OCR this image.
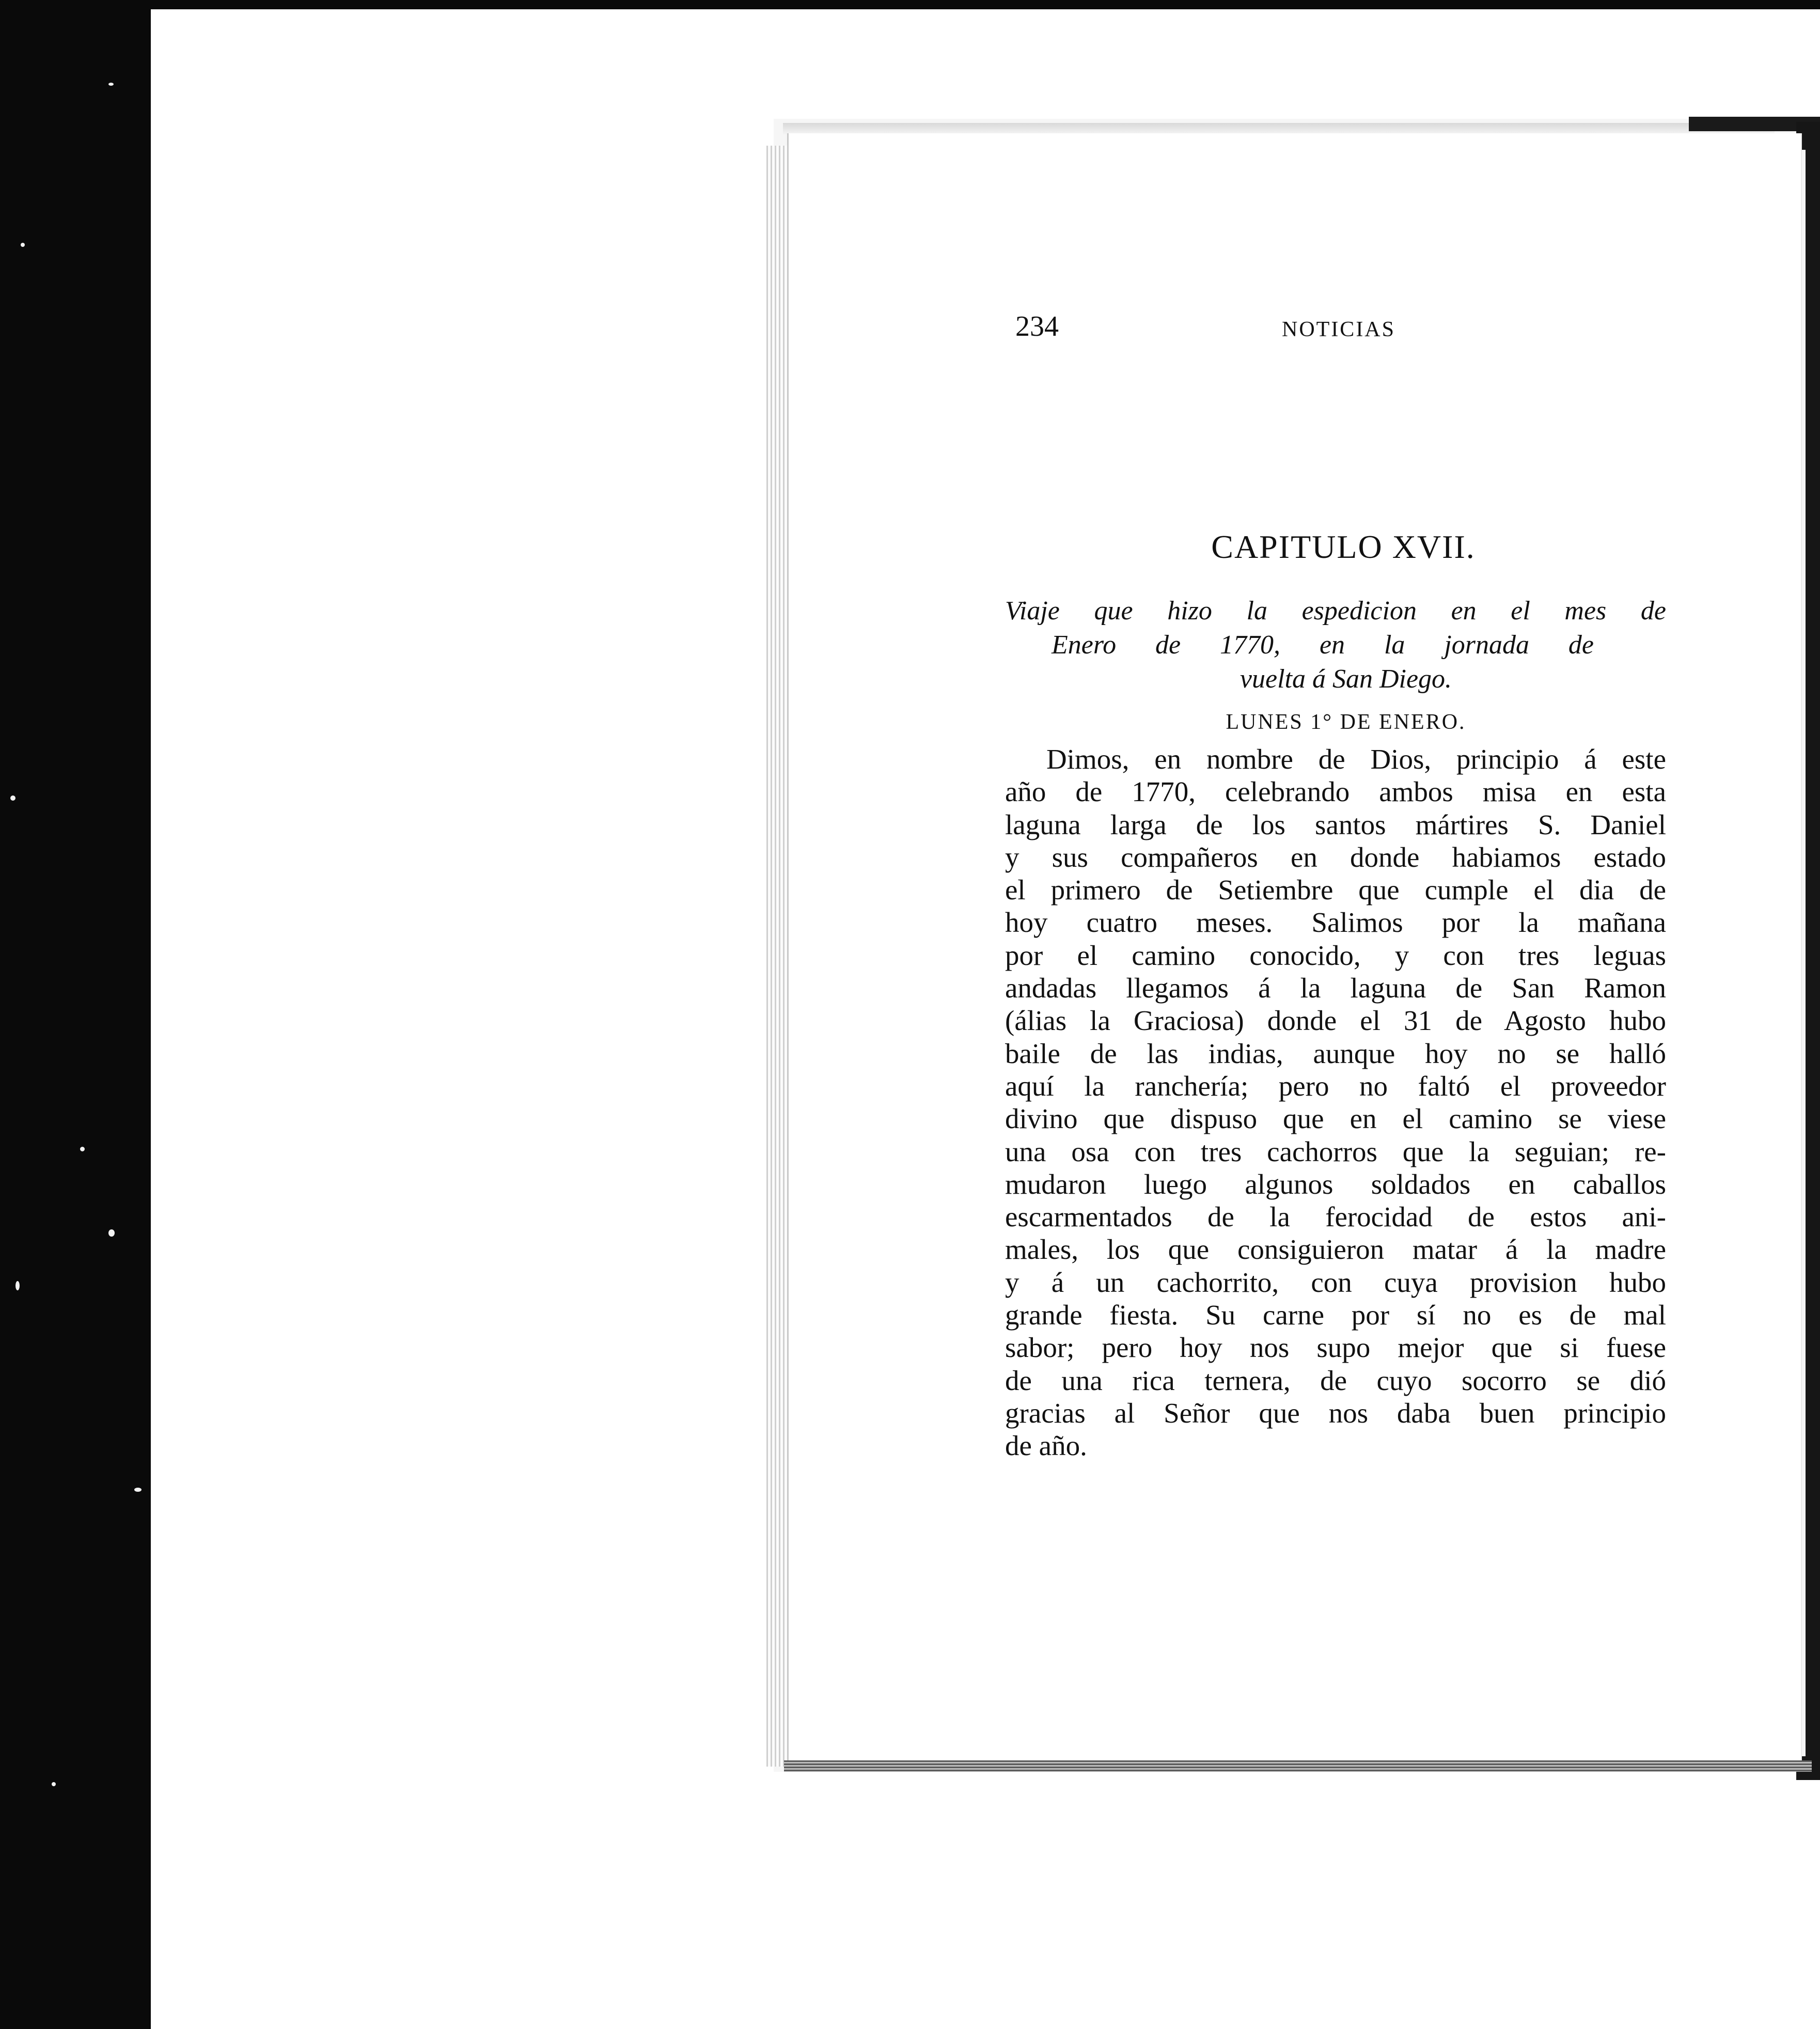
234	NOTICIAS
CAPITULO XVII.
Viaje que hizo la espedicion en el mes de
Enero de 1770, en la jornada de
vuelta á San Diego.
LUNES 1° DE ENERO.
Dimos, en nombre de Dios, principio á este
año de 1770, celebrando ambos misa en esta
laguna larga de los santos mártires S. Daniel
y sus compañeros en donde habiamos estado
el primero de Setiembre que cumple el dia de
hoy cuatro meses. Salimos por la mañana
por el camino conocido, y con tres leguas
andadas llegamos á la laguna de San Ramon
(álias la Graciosa) donde el 31 de Agosto hubo
baile de las indias, aunque hoy no se halló
aquí la ranchería; pero no faltó el proveedor
divino que dispuso que en el camino se viese
una osa con tres cachorros que la seguian; re-
mudaron luego algunos soldados en caballos
escarmentados de la ferocidad de estos ani-
males, los que consiguieron matar á la madre
y á un cachorrito, con cuya provision hubo
grande fiesta. Su carne por sí no es de mal
sabor; pero hoy nos supo mejor que si fuese
de una rica ternera, de cuyo socorro se dió
gracias al Señor que nos daba buen principio
de año.
